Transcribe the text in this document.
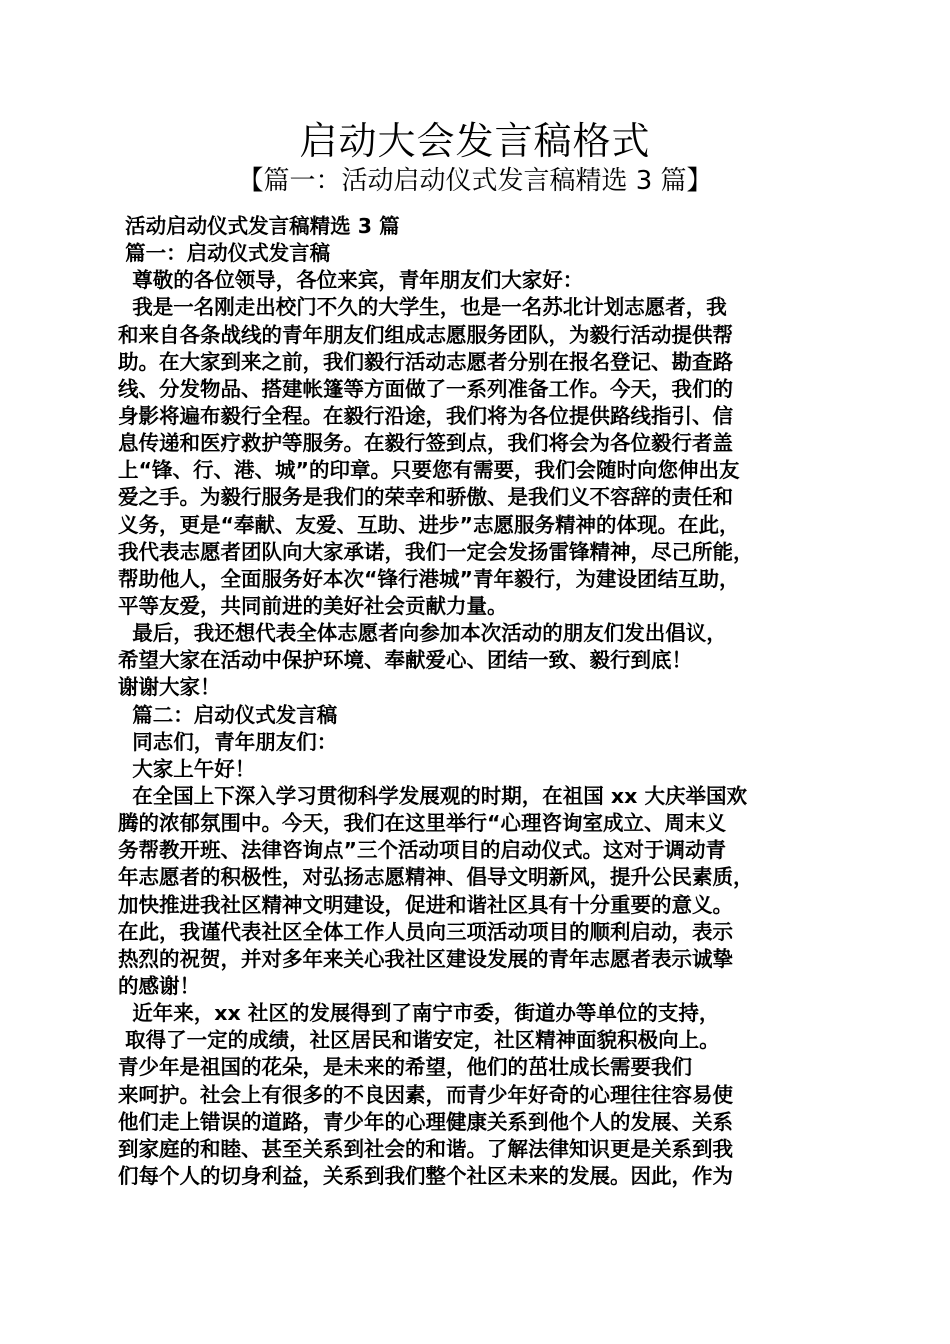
启动大会发言稿格式
【篇一：活动启动仪式发言稿精选 3 篇】
活动启动仪式发言稿精选 3 篇
篇一：启动仪式发言稿
尊敬的各位领导，各位来宾，青年朋友们大家好：
我是一名刚走出校门不久的大学生，也是一名苏北计划志愿者，我
和来自各条战线的青年朋友们组成志愿服务团队，为毅行活动提供帮
助。在大家到来之前，我们毅行活动志愿者分别在报名登记、勘查路
线、分发物品、搭建帐篷等方面做了一系列准备工作。今天，我们的
身影将遍布毅行全程。在毅行沿途，我们将为各位提供路线指引、信
息传递和医疗救护等服务。在毅行签到点，我们将会为各位毅行者盖
上“锋、行、港、城”的印章。只要您有需要，我们会随时向您伸出友
爱之手。为毅行服务是我们的荣幸和骄傲、是我们义不容辞的责任和
义务，更是“奉献、友爱、互助、进步”志愿服务精神的体现。在此，
我代表志愿者团队向大家承诺，我们一定会发扬雷锋精神，尽己所能，
帮助他人，全面服务好本次“锋行港城”青年毅行，为建设团结互助，
平等友爱，共同前进的美好社会贡献力量。
最后，我还想代表全体志愿者向参加本次活动的朋友们发出倡议，
希望大家在活动中保护环境、奉献爱心、团结一致、毅行到底！
谢谢大家！
篇二：启动仪式发言稿
同志们，青年朋友们：
大家上午好！
在全国上下深入学习贯彻科学发展观的时期，在祖国 xx 大庆举国欢
腾的浓郁氛围中。今天，我们在这里举行“心理咨询室成立、周末义
务帮教开班、法律咨询点”三个活动项目的启动仪式。这对于调动青
年志愿者的积极性，对弘扬志愿精神、倡导文明新风，提升公民素质，
加快推进我社区精神文明建设，促进和谐社区具有十分重要的意义。
在此，我谨代表社区全体工作人员向三项活动项目的顺利启动，表示
热烈的祝贺，并对多年来关心我社区建设发展的青年志愿者表示诚挚
的感谢！
近年来，xx 社区的发展得到了南宁市委，街道办等单位的支持，
取得了一定的成绩，社区居民和谐安定，社区精神面貌积极向上。
青少年是祖国的花朵，是未来的希望，他们的茁壮成长需要我们
来呵护。社会上有很多的不良因素，而青少年好奇的心理往往容易使
他们走上错误的道路，青少年的心理健康关系到他个人的发展、关系
到家庭的和睦、甚至关系到社会的和谐。了解法律知识更是关系到我
们每个人的切身利益，关系到我们整个社区未来的发展。因此，作为
